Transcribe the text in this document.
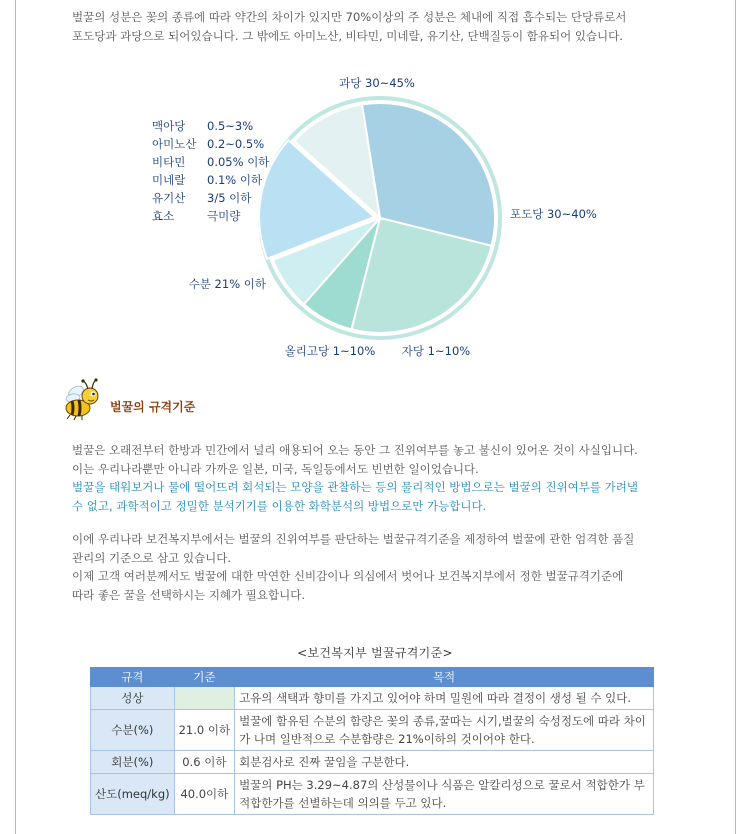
벌꿀의 성분은 꽃의 종류에 따라 약간의 차이가 있지만 70%이상의 주 성분은 체내에 직접 흡수되는 단당류로서

포도당과 과당으로 되어있습니다. 그 밖에도 아미노산, 비타민, 미네랄, 유기산, 단백질등이 함유되어 있습니다.

과당 30~45%
포도당 30~40%
자당 1~10%
올리고당 1~10%
수분 21% 이하
맥아당	0.5~3%
아미노산	0.2~0.5%
비타민	0.05% 이하
미네랄	0.1% 이하
유기산	3/5 이하
효소	극미량
벌꿀의 규격기준

벌꿀은 오래전부터 한방과 민간에서 널리 애용되어 오는 동안 그 진위여부를 놓고 불신이 있어온 것이 사실입니다.

이는 우리나라뿐만 아니라 가까운 일본, 미국, 독일등에서도 빈번한 일이었습니다.

벌꿀을 태워보거나 물에 떨어뜨려 회석되는 모양을 관찰하는 등의 물리적인 방법으로는 벌꿀의 진위여부를 가려낼

수 없고, 과학적이고 정밀한 분석기기를 이용한 화학분석의 방법으로만 가능합니다.

이에 우리나라 보건복지부에서는 벌꿀의 진위여부를 판단하는 벌꿀규격기준을 제정하여 벌꿀에 관한 엄격한 품질

관리의 기준으로 삼고 있습니다.

이제 고객 여러분께서도 벌꿀에 대한 막연한 신비감이나 의심에서 벗어나 보건복지부에서 정한 벌꿀규격기준에

따라 좋은 꿀을 선택하시는 지혜가 필요합니다.

<보건복지부 벌꿀규격기준>
규격	기준	목적
성상		고유의 색택과 향미를 가지고 있어야 하며 밀원에 따라 결정이 생성 될 수 있다.
수분(%)	21.0 이하	벌꿀에 함유된 수분의 함량은 꽃의 종류,꿀따는 시기,벌꿀의 숙성정도에 따라 차이가 나며 일반적으로 수분함량은 21%이하의 것이어야 한다.
회분(%)	0.6 이하	회분검사로 진짜 꿀임을 구분한다.
산도(meq/kg)	40.0이하	벌꿀의 PH는 3.29~4.87의 산성물이나 식품은 알칼리성으로 꿀로서 적합한가 부적합한가를 선별하는데 의의를 두고 있다.
